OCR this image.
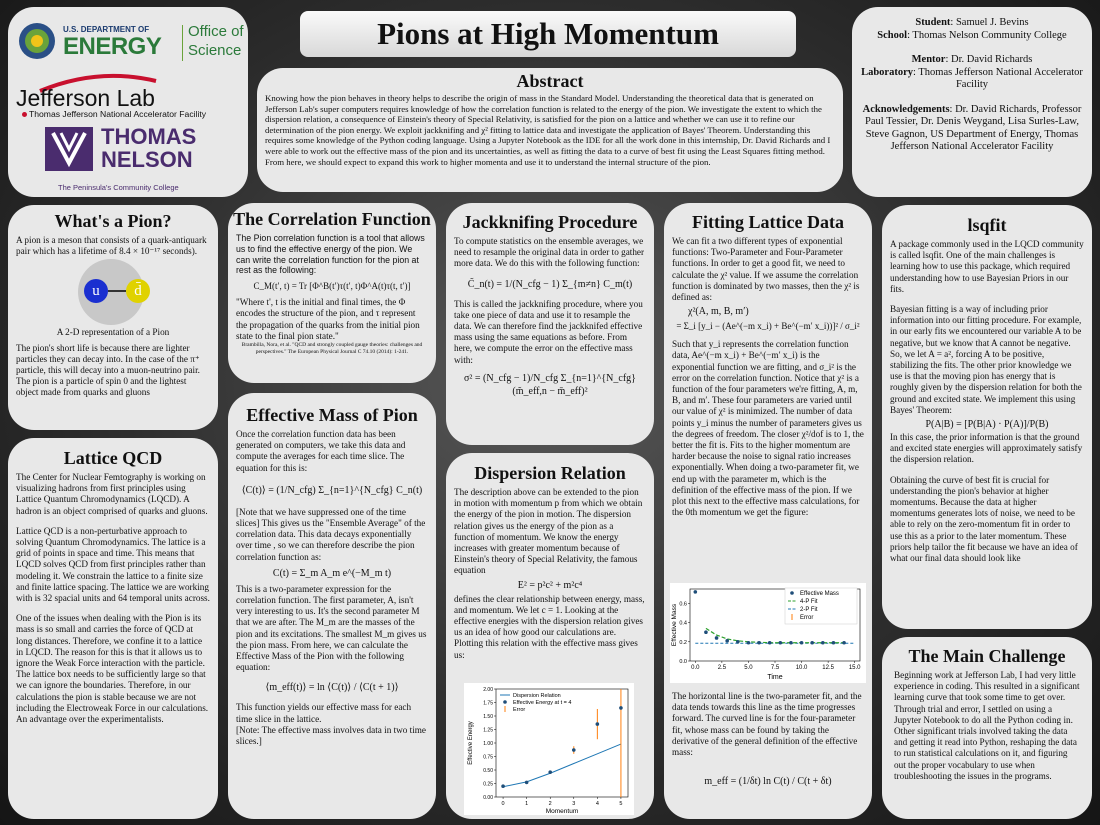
U.S. DEPARTMENT OF
ENERGY
Office of
Science
Jefferson Lab
Thomas Jefferson National Accelerator Facility
THOMAS
NELSON
The Peninsula's Community College
Pions at High Momentum
Abstract
Knowing how the pion behaves in theory helps to describe the origin of mass in the Standard Model. Understanding the theoretical data that is generated on Jefferson Lab's super computers requires knowledge of how the correlation function is related to the energy of the pion. We investigate the extent to which the dispersion relation, a consequence of Einstein's theory of Special Relativity, is satisfied for the pion on a lattice and whether we can use it to refine our determination of the pion energy. We exploit jackknifing and χ² fitting to lattice data and investigate the application of Bayes' Theorem. Understanding this requires some knowledge of the Python coding language. Using a Jupyter Notebook as the IDE for all the work done in this internship, Dr. David Richards and I were able to work out the effective mass of the pion and its uncertainties, as well as fitting the data to a curve of best fit using the Least Squares fitting method. From here, we should expect to expand this work to higher momenta and use it to understand the internal structure of the pion.
Student: Samuel J. Bevins
School: Thomas Nelson Community College
Mentor: Dr. David Richards
Laboratory: Thomas Jefferson National Accelerator Facility
Acknowledgements: Dr. David Richards, Professor Paul Tessier, Dr. Denis Weygand, Lisa Surles-Law, Steve Gagnon, US Department of Energy, Thomas Jefferson National Accelerator Facility
What's a Pion?
A pion is a meson that consists of a quark-antiquark pair which has a lifetime of 8.4 × 10⁻¹⁷ seconds).
u	d̄
A 2-D representation of a Pion
The pion's short life is because there are lighter particles they can decay into. In the case of the π⁺ particle, this will decay into a muon-neutrino pair. The pion is a particle of spin 0 and the lightest object made from quarks and gluons
Lattice QCD

The Center for Nuclear Femtography is working on visualizing hadrons from first principles using Lattice Quantum Chromodynamics (LQCD). A hadron is an object comprised of quarks and gluons.

Lattice QCD is a non-perturbative approach to solving Quantum Chromodynamics. The lattice is a grid of points in space and time. This means that LQCD solves QCD from first principles rather than modeling it. We constrain the lattice to a finite size and finite lattice spacing. The lattice we are working with is 32 spacial units and 64 temporal units across.

One of the issues when dealing with the Pion is its mass is so small and carries the force of QCD at long distances. Therefore, we confine it to a lattice in LQCD. The reason for this is that it allows us to ignore the Weak Force interaction with the particle. The lattice box needs to be sufficiently large so that we can ignore the boundaries. Therefore, in our calculations the pion is stable because we are not including the Electroweak Force in our calculations. An advantage over the experimentalists.

The Correlation Function
The Pion correlation function is a tool that allows us to find the effective energy of the pion. We can write the correlation function for the pion at rest as the following:
C_M(t′, t) = Tr [Φ^B(t′)τ(t′, t)Φ^A(t)τ(t, t′)]
"Where t', t is the initial and final times, the Φ encodes the structure of the pion, and τ represent the propagation of the quarks from the initial pion state to the final pion state."
Brambilla, Nora, et al. "QCD and strongly coupled gauge theories: challenges and perspectives." The European Physical Journal C 74.10 (2014): 1-241.
Effective Mass of Pion
Once the correlation function data has been generated on computers, we take this data and compute the averages for each time slice. The equation for this is:
⟨C(t)⟩ = (1/N_cfg) Σ_{n=1}^{N_cfg} C_n(t)
[Note that we have suppressed one of the time slices] This gives us the "Ensemble Average" of the correlation data. This data decays exponentially over time , so we can therefore describe the pion correlation function as:
C(t) = Σ_m A_m e^(−M_m t)
This is a two-parameter expression for the correlation function. The first parameter, A, isn't very interesting to us. It's the second parameter M that we are after. The M_m are the masses of the pion and its excitations. The smallest M_m gives us the pion mass. From here, we can calculate the Effective Mass of the Pion with the following equation:
⟨m_eff(t)⟩ = ln ⟨C(t)⟩ / ⟨C(t + 1)⟩
This function yields our effective mass for each time slice in the lattice.
[Note: The effective mass involves data in two time slices.]
Jackknifing Procedure
To compute statistics on the ensemble averages, we need to resample the original data in order to gather more data. We do this with the following function:
C̃_n(t) = 1/(N_cfg − 1) Σ_{m≠n} C_m(t)
This is called the jackknifing procedure, where you take one piece of data and use it to resample the data. We can therefore find the jackknifed effective mass using the same equations as before. From here, we compute the error on the effective mass with:
σ² = (N_cfg − 1)/N_cfg Σ_{n=1}^{N_cfg} (m̃_eff,n − m̄_eff)²
Dispersion Relation
The description above can be extended to the pion in motion with momentum p from which we obtain the energy of the pion in motion. The dispersion relation gives us the energy of the pion as a function of momentum. We know the energy increases with greater momentum because of Einstein's theory of Special Relativity, the famous equation
E² = p²c² + m²c⁴
defines the clear relationship between energy, mass, and momentum. We let c = 1. Looking at the effective energies with the dispersion relation gives us an idea of how good our calculations are. Plotting this relation with the effective mass gives us:
0.00
0.25
0.50
0.75
1.00
1.25
1.50
1.75
2.00
0	1	2	3	4	5
Momentum
Effective Energy
Dispersion Relation
Effective Energy at t = 4
Error
Fitting Lattice Data
We can fit a two different types of exponential functions: Two-Parameter and Four-Parameter functions. In order to get a good fit, we need to calculate the χ² value. If we assume the correlation function is dominated by two masses, then the χ² is defined as:
χ²(A, m, B, m′)
= Σ_i [y_i − (Ae^(−m x_i) + Be^(−m′ x_i))]² / σ_i²
Such that y_i represents the correlation function data, Ae^(−m x_i) + Be^(−m′ x_i) is the exponential function we are fitting, and σ_i² is the error on the correlation function. Notice that χ² is a function of the four parameters we're fitting, A, m, B, and m′. These four parameters are varied until our value of χ² is minimized. The number of data points y_i minus the number of parameters gives us the degrees of freedom. The closer χ²/dof is to 1, the better the fit is. Fits to the higher momentum are harder because the noise to signal ratio increases exponentially. When doing a two-parameter fit, we end up with the parameter m, which is the definition of the effective mass of the pion. If we plot this next to the effective mass calculations, for the 0th momentum we get the figure:
0.0
0.2
0.4
0.6
0.0	2.5	5.0	7.5	10.0 12.5 15.0
Time
Effective Mass
Effective Mass
4-P Fit
2-P Fit
Error
The horizontal line is the two-parameter fit, and the data tends towards this line as the time progresses forward. The curved line is for the four-parameter fit, whose mass can be found by taking the derivative of the general definition of the effective mass:
m_eff = (1/δt) ln C(t) / C(t + δt)
lsqfit

A package commonly used in the LQCD community is called lsqfit. One of the main challenges is learning how to use this package, which required understanding how to use Bayesian Priors in our fits.

Bayesian fitting is a way of including prior information into our fitting procedure. For example, in our early fits we encountered our variable A to be negative, but we know that A cannot be negative. So, we let A = a², forcing A to be positive, stabilizing the fits. The other prior knowledge we use is that the moving pion has energy that is roughly given by the dispersion relation for both the ground and excited state. We implement this using Bayes' Theorem:

P(A|B) = [P(B|A) · P(A)]/P(B)

In this case, the prior information is that the ground and excited state energies will approximately satisfy the dispersion relation.

Obtaining the curve of best fit is crucial for understanding the pion's behavior at higher momentums. Because the data at higher momentums generates lots of noise, we need to be able to rely on the zero-momentum fit in order to use this as a prior to the later momentum. These priors help tailor the fit because we have an idea of what our final data should look like

The Main Challenge
Beginning work at Jefferson Lab, I had very little experience in coding. This resulted in a significant learning curve that took some time to get over. Through trial and error, I settled on using a Jupyter Notebook to do all the Python coding in. Other significant trials involved taking the data and getting it read into Python, reshaping the data to run statistical calculations on it, and figuring out the proper vocabulary to use when troubleshooting the issues in the programs.
